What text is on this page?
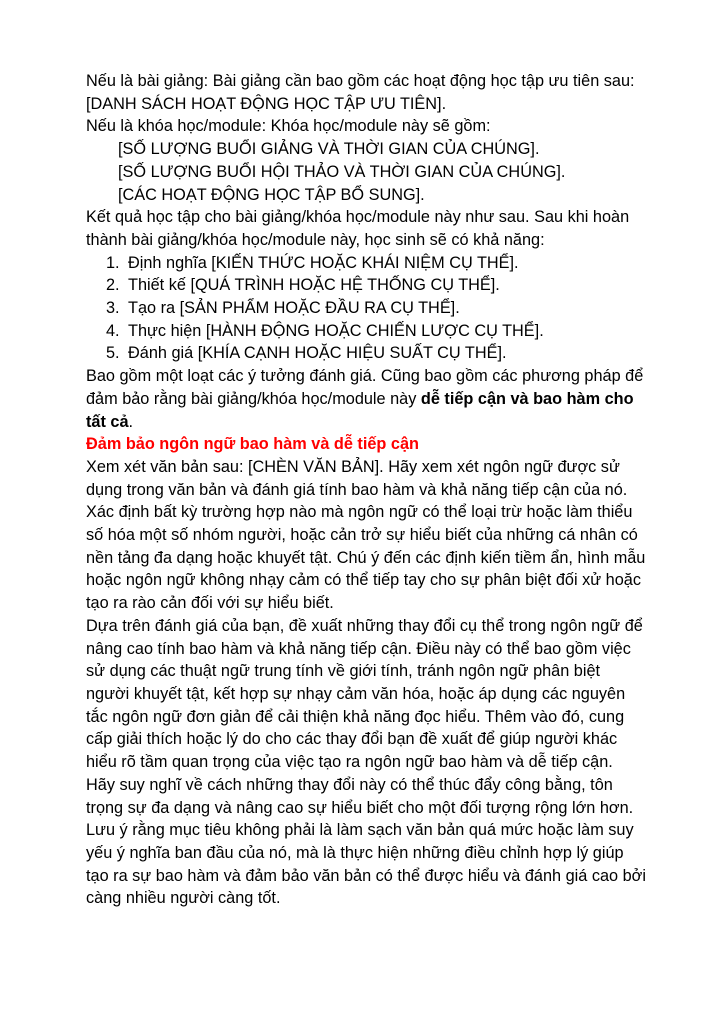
Nếu là bài giảng: Bài giảng cần bao gồm các hoạt động học tập ưu tiên sau: [DANH SÁCH HOẠT ĐỘNG HỌC TẬP ƯU TIÊN].

Nếu là khóa học/module: Khóa học/module này sẽ gồm:

[SỐ LƯỢNG BUỔI GIẢNG VÀ THỜI GIAN CỦA CHÚNG].

[SỐ LƯỢNG BUỔI HỘI THẢO VÀ THỜI GIAN CỦA CHÚNG].

[CÁC HOẠT ĐỘNG HỌC TẬP BỔ SUNG].

Kết quả học tập cho bài giảng/khóa học/module này như sau. Sau khi hoàn thành bài giảng/khóa học/module này, học sinh sẽ có khả năng:

1. Định nghĩa [KIẾN THỨC HOẶC KHÁI NIỆM CỤ THỂ].
2. Thiết kế [QUÁ TRÌNH HOẶC HỆ THỐNG CỤ THỂ].
3. Tạo ra [SẢN PHẨM HOẶC ĐẦU RA CỤ THỂ].
4. Thực hiện [HÀNH ĐỘNG HOẶC CHIẾN LƯỢC CỤ THỂ].
5. Đánh giá [KHÍA CẠNH HOẶC HIỆU SUẤT CỤ THỂ].

Bao gồm một loạt các ý tưởng đánh giá. Cũng bao gồm các phương pháp để đảm bảo rằng bài giảng/khóa học/module này dễ tiếp cận và bao hàm cho tất cả.

Đảm bảo ngôn ngữ bao hàm và dễ tiếp cận

Xem xét văn bản sau: [CHÈN VĂN BẢN]. Hãy xem xét ngôn ngữ được sử dụng trong văn bản và đánh giá tính bao hàm và khả năng tiếp cận của nó. Xác định bất kỳ trường hợp nào mà ngôn ngữ có thể loại trừ hoặc làm thiểu số hóa một số nhóm người, hoặc cản trở sự hiểu biết của những cá nhân có nền tảng đa dạng hoặc khuyết tật. Chú ý đến các định kiến tiềm ẩn, hình mẫu hoặc ngôn ngữ không nhạy cảm có thể tiếp tay cho sự phân biệt đối xử hoặc tạo ra rào cản đối với sự hiểu biết.

Dựa trên đánh giá của bạn, đề xuất những thay đổi cụ thể trong ngôn ngữ để nâng cao tính bao hàm và khả năng tiếp cận. Điều này có thể bao gồm việc sử dụng các thuật ngữ trung tính về giới tính, tránh ngôn ngữ phân biệt người khuyết tật, kết hợp sự nhạy cảm văn hóa, hoặc áp dụng các nguyên tắc ngôn ngữ đơn giản để cải thiện khả năng đọc hiểu. Thêm vào đó, cung cấp giải thích hoặc lý do cho các thay đổi bạn đề xuất để giúp người khác hiểu rõ tầm quan trọng của việc tạo ra ngôn ngữ bao hàm và dễ tiếp cận. Hãy suy nghĩ về cách những thay đổi này có thể thúc đẩy công bằng, tôn trọng sự đa dạng và nâng cao sự hiểu biết cho một đối tượng rộng lớn hơn. Lưu ý rằng mục tiêu không phải là làm sạch văn bản quá mức hoặc làm suy yếu ý nghĩa ban đầu của nó, mà là thực hiện những điều chỉnh hợp lý giúp tạo ra sự bao hàm và đảm bảo văn bản có thể được hiểu và đánh giá cao bởi càng nhiều người càng tốt.
